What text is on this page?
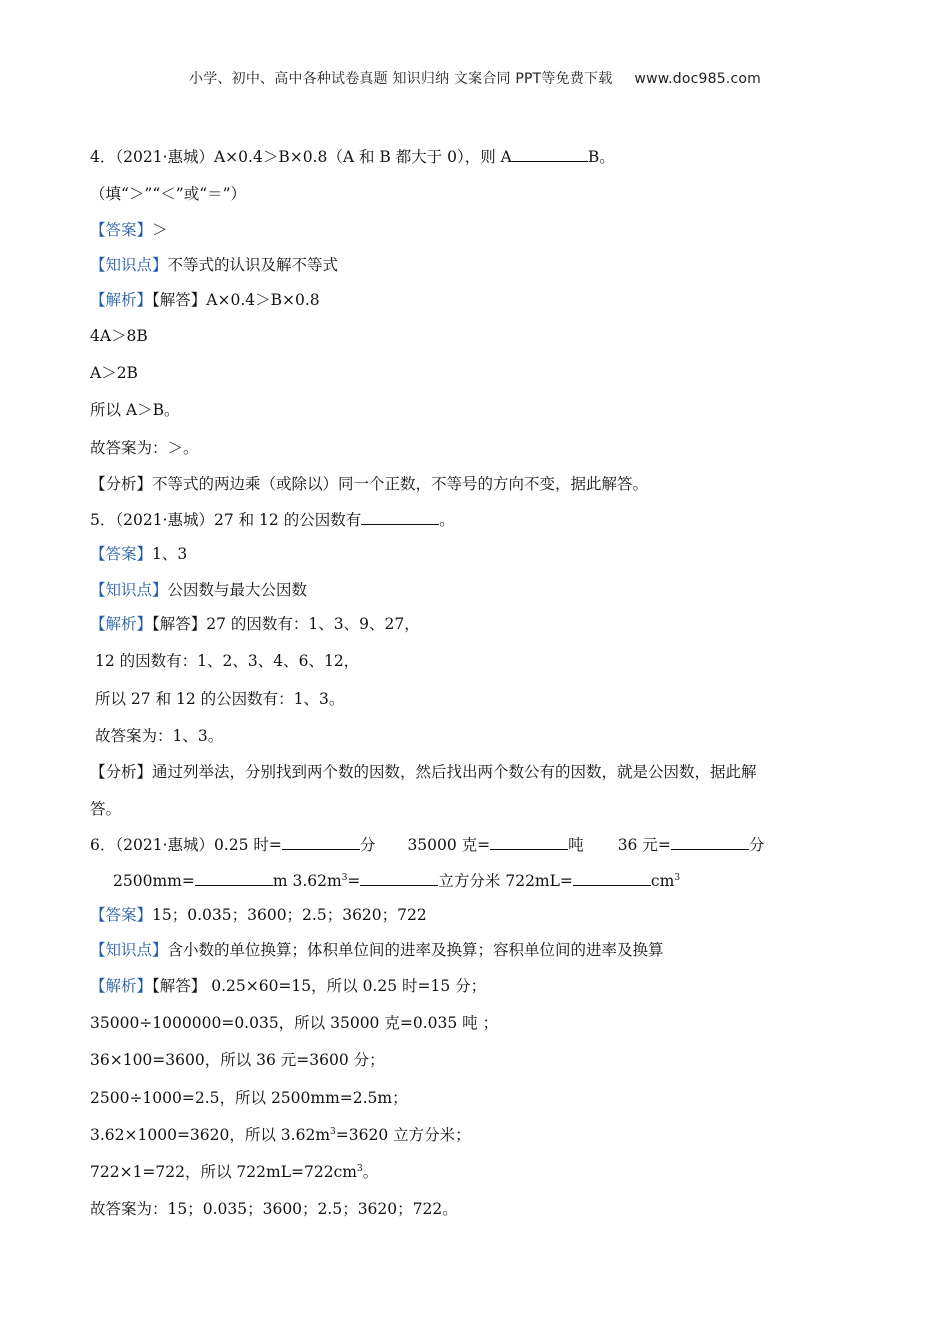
小学、初中、高中各种试卷真题 知识归纳 文案合同 PPT等免费下载 www.doc985.com
4．（2021·惠城）A×0.4＞B×0.8（A 和 B 都大于 0），则 A	B。
（填“＞”“＜”或“＝”）
【答案】＞
【知识点】不等式的认识及解不等式
【解析】【解答】A×0.4＞B×0.8
4A＞8B
A＞2B
所以 A＞B。
故答案为：＞。
【分析】不等式的两边乘（或除以）同一个正数，不等号的方向不变，据此解答。
5．（2021·惠城）27 和 12 的公因数有	。
【答案】1、3
【知识点】公因数与最大公因数
【解析】【解答】27 的因数有：1、3、9、27，
12 的因数有：1、2、3、4、6、12，
所以 27 和 12 的公因数有：1、3。
故答案为：1、3。
【分析】通过列举法，分别找到两个数的因数，然后找出两个数公有的因数，就是公因数，据此解
答。
6．（2021·惠城）0.25 时=	分 35000 克=	吨 36 元=	分
2500mm=	m $3.62m^3=$	立方分米 722mL=	$cm^3$
【答案】15；0.035；3600；2.5；3620；722
【知识点】含小数的单位换算；体积单位间的进率及换算；容积单位间的进率及换算
【解析】【解答】 0.25×60=15，所以 0.25 时=15 分；
35000÷1000000=0.035，所以 35000 克=0.035 吨 ；
36×100=3600，所以 36 元=3600 分；
2500÷1000=2.5，所以 2500mm=2.5m；
3.62×1000=3620，所以 $3.62m^3=3620$ 立方分米；
722×1=722，所以 $722mL=722cm^3$。
故答案为：15；0.035；3600；2.5；3620；722。
